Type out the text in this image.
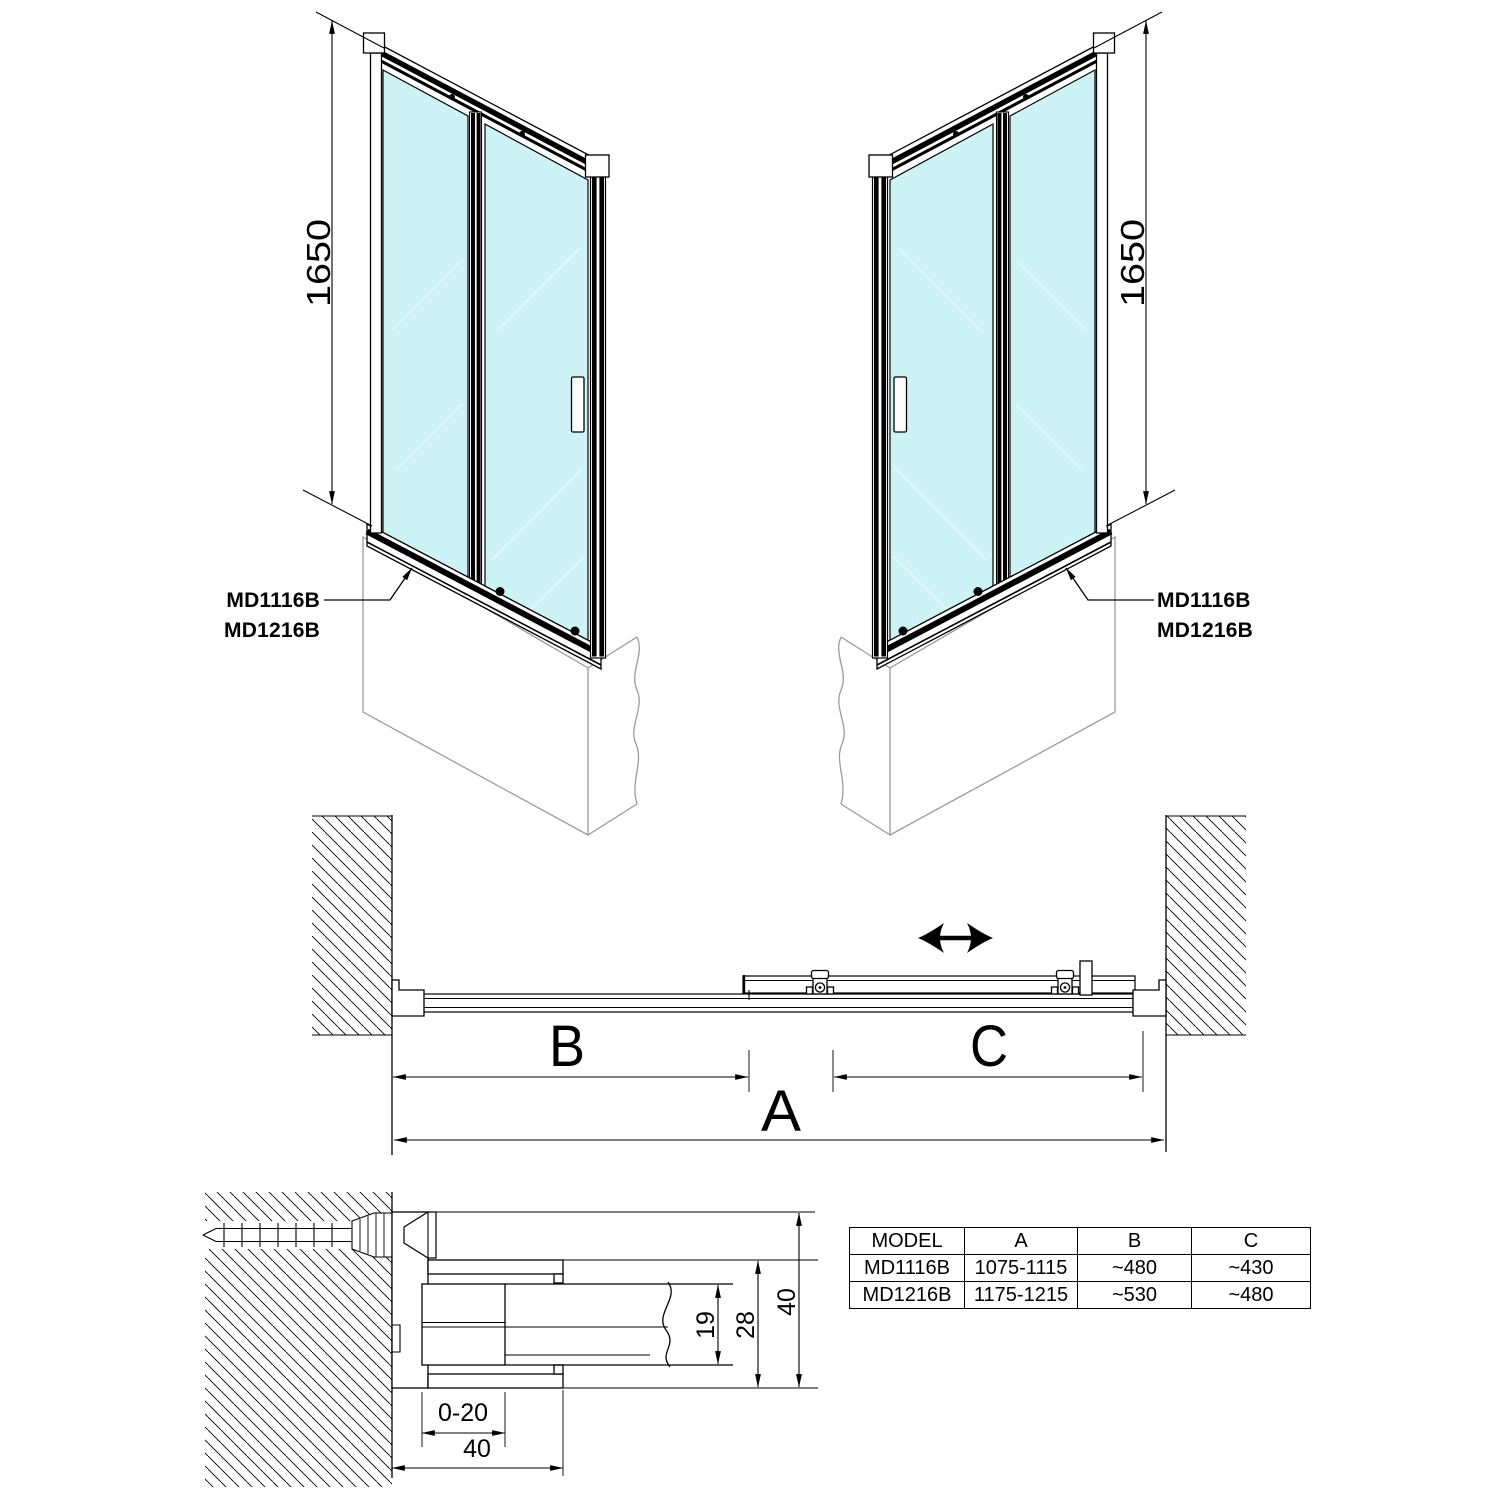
1650	1650
B	C
A
0-20
40
19 28
40
MD1116B
MD1216B
MD1116B
MD1216B
MODEL	A	B	C
MD1116B	1075-1115	~480	~430
MD1216B	1175-1215	~530	~480
